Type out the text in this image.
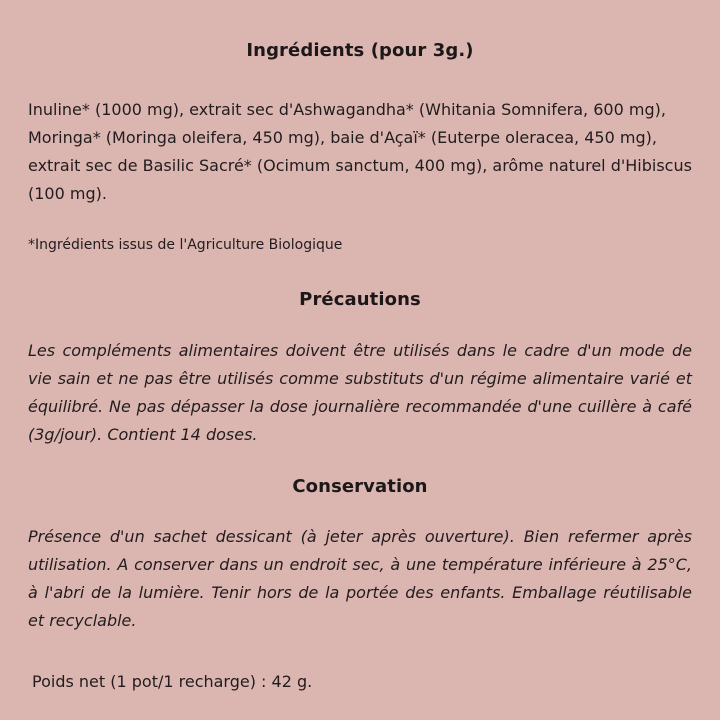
Ingrédients (pour 3g.)

Inuline* (1000 mg), extrait sec d'Ashwagandha* (Whitania Somnifera, 600 mg), Moringa* (Moringa oleifera, 450 mg), baie d'Açaï* (Euterpe oleracea, 450 mg), extrait sec de Basilic Sacré* (Ocimum sanctum, 400 mg), arôme naturel d'Hibiscus (100 mg).

*Ingrédients issus de l'Agriculture Biologique

Précautions

Les compléments alimentaires doivent être utilisés dans le cadre d'un mode de vie sain et ne pas être utilisés comme substituts d'un régime alimentaire varié et équilibré. Ne pas dépasser la dose journalière recommandée d'une cuillère à café (3g/jour). Contient 14 doses.

Conservation

Présence d'un sachet dessicant (à jeter après ouverture). Bien refermer après utilisation. A conserver dans un endroit sec, à une température inférieure à 25°C, à l'abri de la lumière. Tenir hors de la portée des enfants. Emballage réutilisable et recyclable.

Poids net (1 pot/1 recharge) : 42 g.
